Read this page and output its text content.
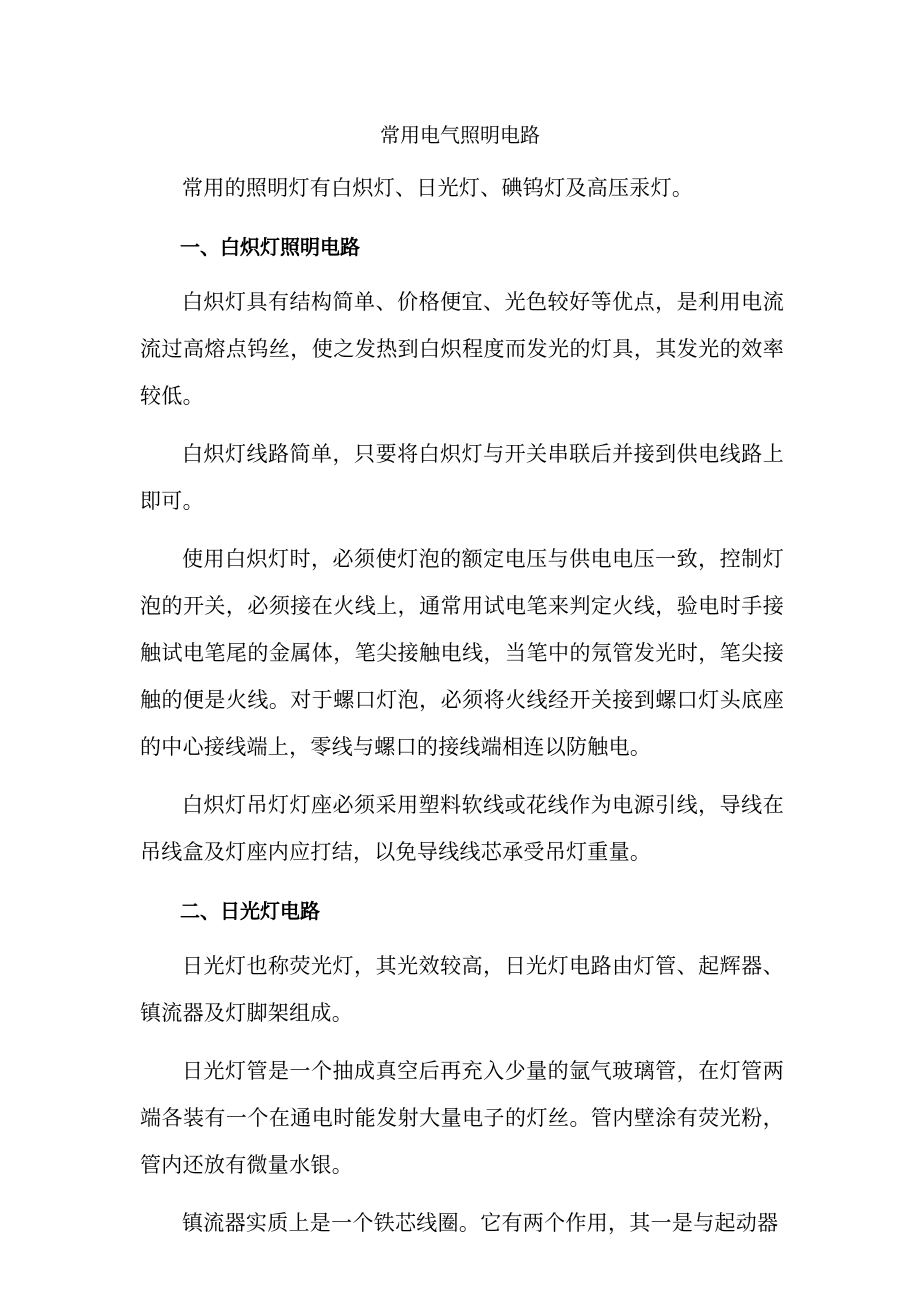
常用电气照明电路

常用的照明灯有白炽灯、日光灯、碘钨灯及高压汞灯。

一、白炽灯照明电路

白炽灯具有结构简单、价格便宜、光色较好等优点，是利用电流流过高熔点钨丝，使之发热到白炽程度而发光的灯具，其发光的效率较低。

白炽灯线路简单，只要将白炽灯与开关串联后并接到供电线路上即可。

使用白炽灯时，必须使灯泡的额定电压与供电电压一致，控制灯泡的开关，必须接在火线上，通常用试电笔来判定火线，验电时手接触试电笔尾的金属体，笔尖接触电线，当笔中的氖管发光时，笔尖接触的便是火线。对于螺口灯泡，必须将火线经开关接到螺口灯头底座的中心接线端上，零线与螺口的接线端相连以防触电。

白炽灯吊灯灯座必须采用塑料软线或花线作为电源引线，导线在吊线盒及灯座内应打结，以免导线线芯承受吊灯重量。

二、日光灯电路

日光灯也称荧光灯，其光效较高，日光灯电路由灯管、起辉器、镇流器及灯脚架组成。

日光灯管是一个抽成真空后再充入少量的氩气玻璃管，在灯管两端各装有一个在通电时能发射大量电子的灯丝。管内壁涂有荧光粉，管内还放有微量水银。

镇流器实质上是一个铁芯线圈。它有两个作用，其一是与起动器
